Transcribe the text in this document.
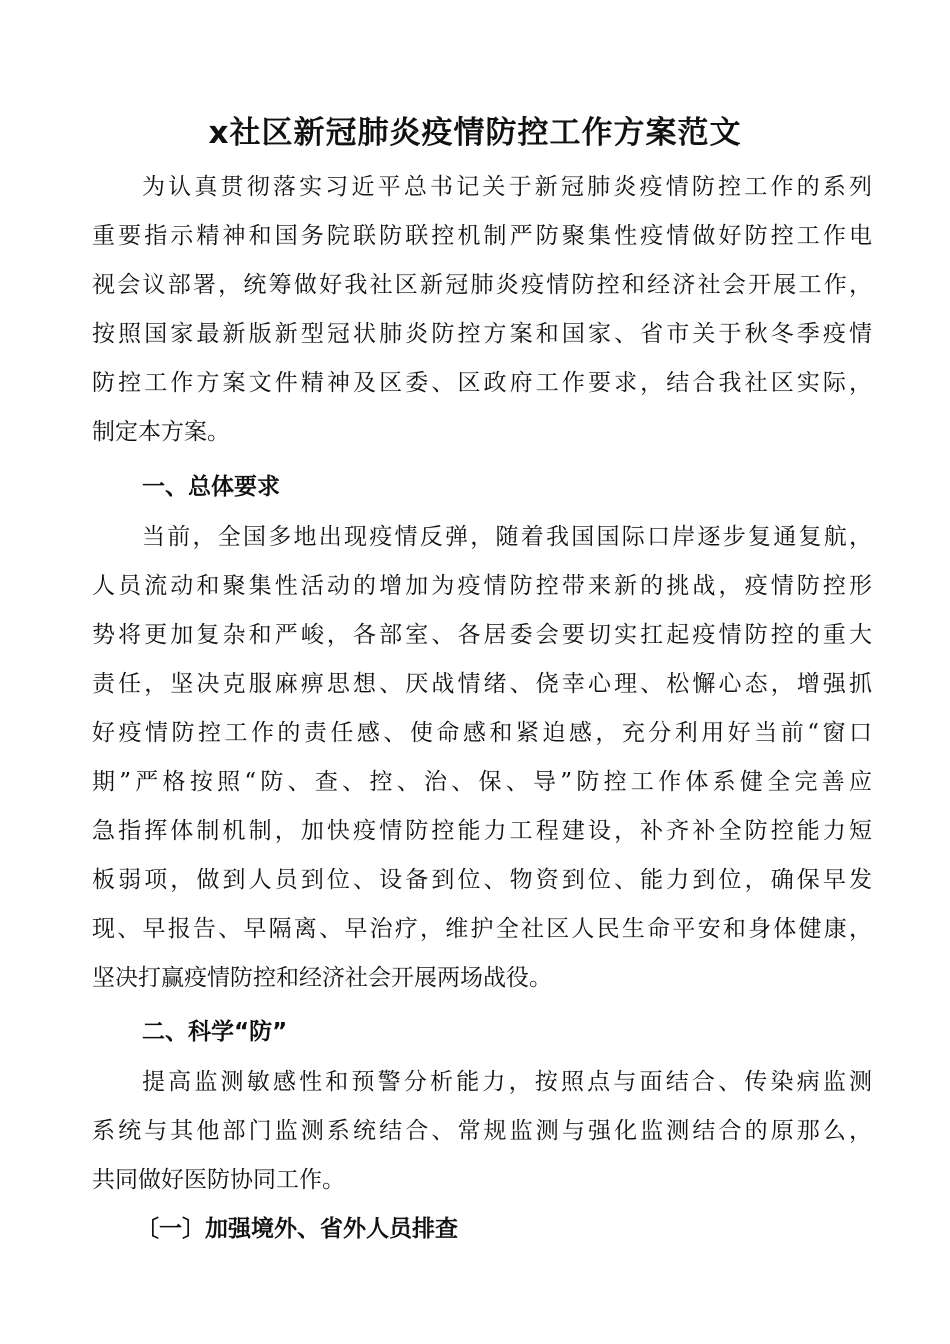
x社区新冠肺炎疫情防控工作方案范文
为认真贯彻落实习近平总书记关于新冠肺炎疫情防控工作的系列
重要指示精神和国务院联防联控机制严防聚集性疫情做好防控工作电
视会议部署，统筹做好我社区新冠肺炎疫情防控和经济社会开展工作，
按照国家最新版新型冠状肺炎防控方案和国家、省市关于秋冬季疫情
防控工作方案文件精神及区委、区政府工作要求，结合我社区实际，
制定本方案。
一、总体要求
当前，全国多地出现疫情反弹，随着我国国际口岸逐步复通复航，
人员流动和聚集性活动的增加为疫情防控带来新的挑战，疫情防控形
势将更加复杂和严峻，各部室、各居委会要切实扛起疫情防控的重大
责任，坚决克服麻痹思想、厌战情绪、侥幸心理、松懈心态，增强抓
好疫情防控工作的责任感、使命感和紧迫感，充分利用好当前“窗口
期”严格按照“防、查、控、治、保、导”防控工作体系健全完善应
急指挥体制机制，加快疫情防控能力工程建设，补齐补全防控能力短
板弱项，做到人员到位、设备到位、物资到位、能力到位，确保早发
现、早报告、早隔离、早治疗，维护全社区人民生命平安和身体健康，
坚决打赢疫情防控和经济社会开展两场战役。
二、科学“防”
提高监测敏感性和预警分析能力，按照点与面结合、传染病监测
系统与其他部门监测系统结合、常规监测与强化监测结合的原那么，
共同做好医防协同工作。
〔一〕加强境外、省外人员排查
